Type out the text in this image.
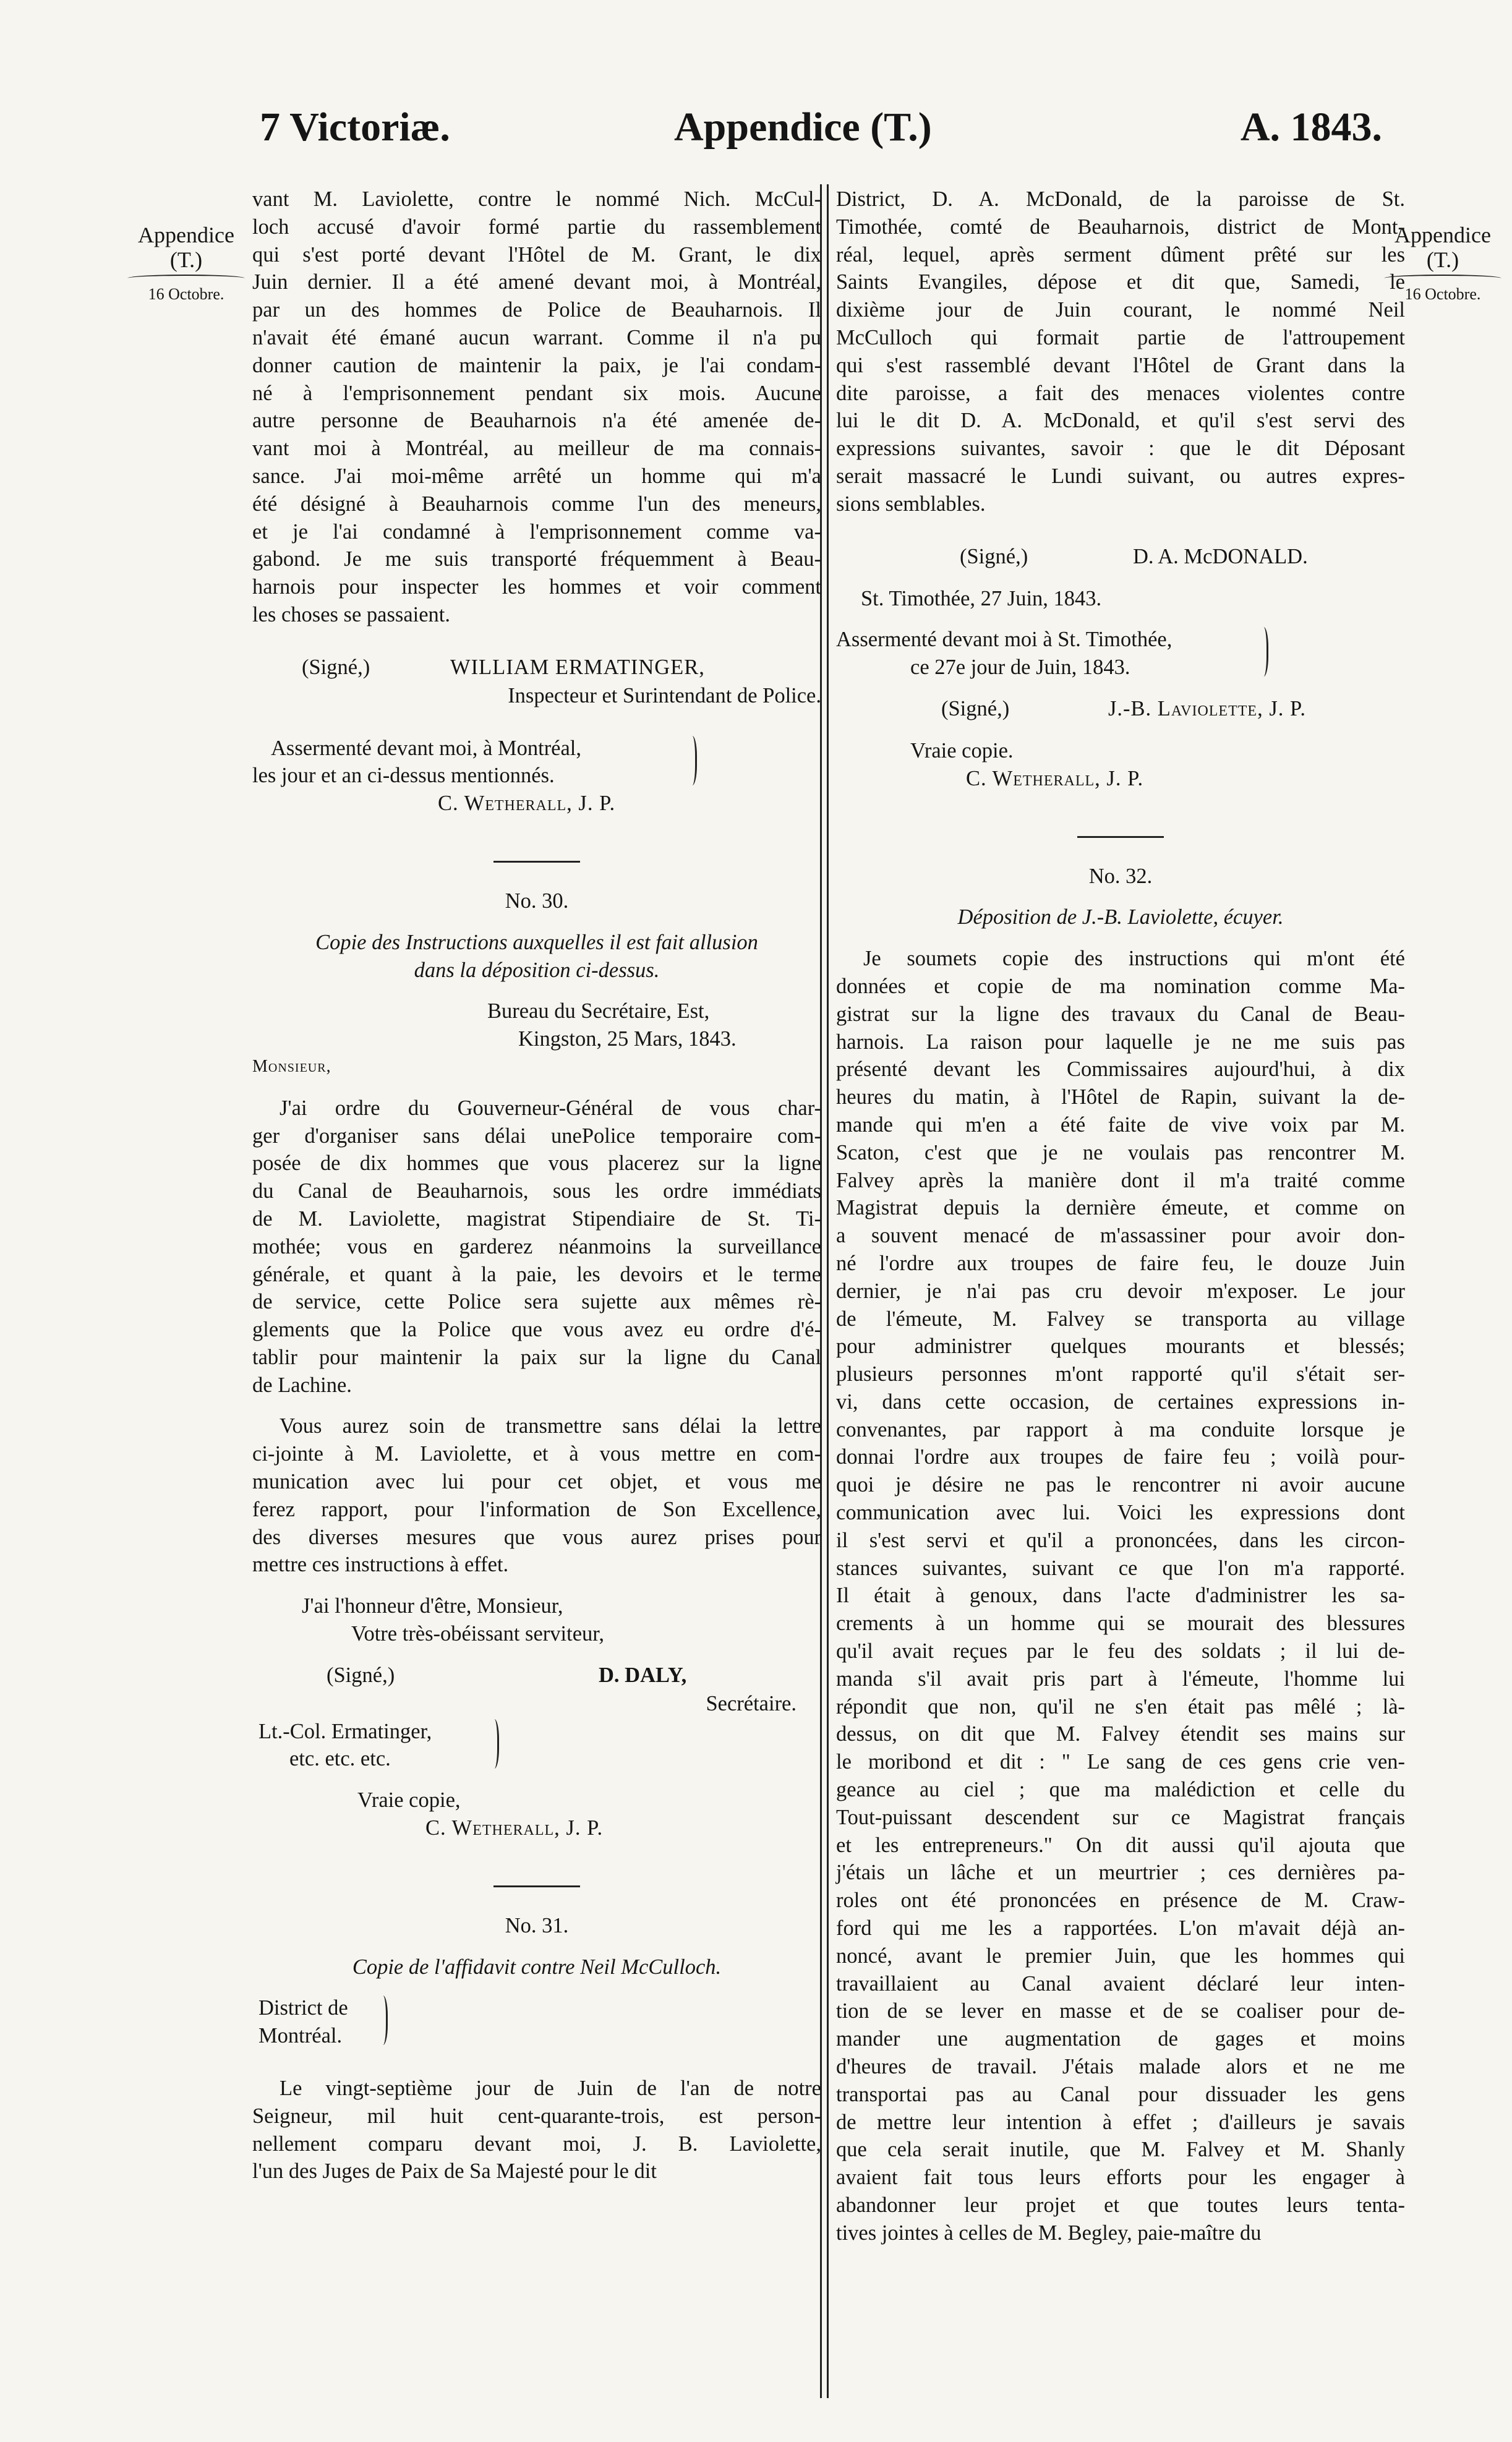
7 Victoriæ.	Appendice (T.)	A. 1843.
Appendice
(T.)
16 Octobre.
Appendice
(T.)
16 Octobre.

vant M. Laviolette, contre le nommé Nich. McCul-

loch accusé d'avoir formé partie du rassemblement

qui s'est porté devant l'Hôtel de M. Grant, le dix

Juin dernier. Il a été amené devant moi, à Montréal,

par un des hommes de Police de Beauharnois. Il

n'avait été émané aucun warrant. Comme il n'a pu

donner caution de maintenir la paix, je l'ai condam-

né à l'emprisonnement pendant six mois. Aucune

autre personne de Beauharnois n'a été amenée de-

vant moi à Montréal, au meilleur de ma connais-

sance. J'ai moi-même arrêté un homme qui m'a

été désigné à Beauharnois comme l'un des meneurs,

et je l'ai condamné à l'emprisonnement comme va-

gabond. Je me suis transporté fréquemment à Beau-

harnois pour inspecter les hommes et voir comment

les choses se passaient.

(Signé,)	WILLIAM ERMATINGER,

Inspecteur et Surintendant de Police.

Assermenté devant moi, à Montréal,

les jour et an ci-dessus mentionnés.

C. Wetherall, J. P.

No. 30.

Copie des Instructions auxquelles il est fait allusion

dans la déposition ci-dessus.

Bureau du Secrétaire, Est,

Kingston, 25 Mars, 1843.

Monsieur,

J'ai ordre du Gouverneur-Général de vous char-

ger d'organiser sans délai unePolice temporaire com-

posée de dix hommes que vous placerez sur la ligne

du Canal de Beauharnois, sous les ordre immédiats

de M. Laviolette, magistrat Stipendiaire de St. Ti-

mothée; vous en garderez néanmoins la surveillance

générale, et quant à la paie, les devoirs et le terme

de service, cette Police sera sujette aux mêmes rè-

glements que la Police que vous avez eu ordre d'é-

tablir pour maintenir la paix sur la ligne du Canal

de Lachine.

Vous aurez soin de transmettre sans délai la lettre

ci-jointe à M. Laviolette, et à vous mettre en com-

munication avec lui pour cet objet, et vous me

ferez rapport, pour l'information de Son Excellence,

des diverses mesures que vous aurez prises pour

mettre ces instructions à effet.

J'ai l'honneur d'être, Monsieur,

Votre très-obéissant serviteur,

(Signé,)	D. DALY,

Secrétaire.

Lt.-Col. Ermatinger,

etc. etc. etc.

Vraie copie,

C. Wetherall, J. P.

No. 31.

Copie de l'affidavit contre Neil McCulloch.

District de

Montréal.

Le vingt-septième jour de Juin de l'an de notre

Seigneur, mil huit cent-quarante-trois, est person-

nellement comparu devant moi, J. B. Laviolette,

l'un des Juges de Paix de Sa Majesté pour le dit

District, D. A. McDonald, de la paroisse de St.

Timothée, comté de Beauharnois, district de Mont-

réal, lequel, après serment dûment prêté sur les

Saints Evangiles, dépose et dit que, Samedi, le

dixième jour de Juin courant, le nommé Neil

McCulloch qui formait partie de l'attroupement

qui s'est rassemblé devant l'Hôtel de Grant dans la

dite paroisse, a fait des menaces violentes contre

lui le dit D. A. McDonald, et qu'il s'est servi des

expressions suivantes, savoir : que le dit Déposant

serait massacré le Lundi suivant, ou autres expres-

sions semblables.

(Signé,)	D. A. McDONALD.

St. Timothée, 27 Juin, 1843.

Assermenté devant moi à St. Timothée,

ce 27e jour de Juin, 1843.

(Signé,)	J.-B. Laviolette, J. P.

Vraie copie.

C. Wetherall, J. P.

No. 32.

Déposition de J.-B. Laviolette, écuyer.

Je soumets copie des instructions qui m'ont été

données et copie de ma nomination comme Ma-

gistrat sur la ligne des travaux du Canal de Beau-

harnois. La raison pour laquelle je ne me suis pas

présenté devant les Commissaires aujourd'hui, à dix

heures du matin, à l'Hôtel de Rapin, suivant la de-

mande qui m'en a été faite de vive voix par M.

Scaton, c'est que je ne voulais pas rencontrer M.

Falvey après la manière dont il m'a traité comme

Magistrat depuis la dernière émeute, et comme on

a souvent menacé de m'assassiner pour avoir don-

né l'ordre aux troupes de faire feu, le douze Juin

dernier, je n'ai pas cru devoir m'exposer. Le jour

de l'émeute, M. Falvey se transporta au village

pour administrer quelques mourants et blessés;

plusieurs personnes m'ont rapporté qu'il s'était ser-

vi, dans cette occasion, de certaines expressions in-

convenantes, par rapport à ma conduite lorsque je

donnai l'ordre aux troupes de faire feu ; voilà pour-

quoi je désire ne pas le rencontrer ni avoir aucune

communication avec lui. Voici les expressions dont

il s'est servi et qu'il a prononcées, dans les circon-

stances suivantes, suivant ce que l'on m'a rapporté.

Il était à genoux, dans l'acte d'administrer les sa-

crements à un homme qui se mourait des blessures

qu'il avait reçues par le feu des soldats ; il lui de-

manda s'il avait pris part à l'émeute, l'homme lui

répondit que non, qu'il ne s'en était pas mêlé ; là-

dessus, on dit que M. Falvey étendit ses mains sur

le moribond et dit : " Le sang de ces gens crie ven-

geance au ciel ; que ma malédiction et celle du

Tout-puissant descendent sur ce Magistrat français

et les entrepreneurs." On dit aussi qu'il ajouta que

j'étais un lâche et un meurtrier ; ces dernières pa-

roles ont été prononcées en présence de M. Craw-

ford qui me les a rapportées. L'on m'avait déjà an-

noncé, avant le premier Juin, que les hommes qui

travaillaient au Canal avaient déclaré leur inten-

tion de se lever en masse et de se coaliser pour de-

mander une augmentation de gages et moins

d'heures de travail. J'étais malade alors et ne me

transportai pas au Canal pour dissuader les gens

de mettre leur intention à effet ; d'ailleurs je savais

que cela serait inutile, que M. Falvey et M. Shanly

avaient fait tous leurs efforts pour les engager à

abandonner leur projet et que toutes leurs tenta-

tives jointes à celles de M. Begley, paie-maître du
